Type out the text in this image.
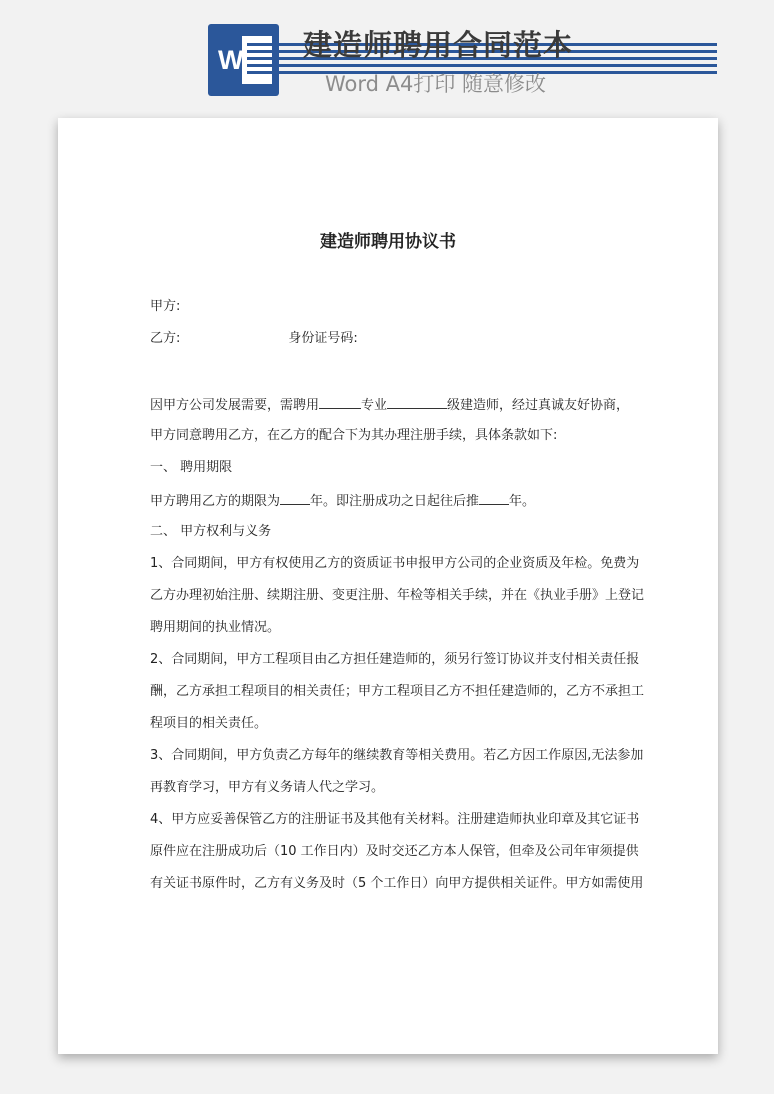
W 建造师聘用合同范本
Word A4打印 随意修改
建造师聘用协议书
甲方:
乙方:	身份证号码:
因甲方公司发展需要，需聘用	专业	级建造师，经过真诚友好协商，
甲方同意聘用乙方，在乙方的配合下为其办理注册手续，具体条款如下:
一、 聘用期限
甲方聘用乙方的期限为 年。即注册成功之日起往后推 年。
二、 甲方权利与义务
1、合同期间，甲方有权使用乙方的资质证书申报甲方公司的企业资质及年检。免费为
乙方办理初始注册、续期注册、变更注册、年检等相关手续，并在《执业手册》上登记
聘用期间的执业情况。
2、合同期间，甲方工程项目由乙方担任建造师的，须另行签订协议并支付相关责任报
酬，乙方承担工程项目的相关责任；甲方工程项目乙方不担任建造师的，乙方不承担工
程项目的相关责任。
3、合同期间，甲方负责乙方每年的继续教育等相关费用。若乙方因工作原因,无法参加
再教育学习，甲方有义务请人代之学习。
4、甲方应妥善保管乙方的注册证书及其他有关材料。注册建造师执业印章及其它证书
原件应在注册成功后（10 工作日内）及时交还乙方本人保管，但牵及公司年审须提供
有关证书原件时，乙方有义务及时（5 个工作日）向甲方提供相关证件。甲方如需使用
